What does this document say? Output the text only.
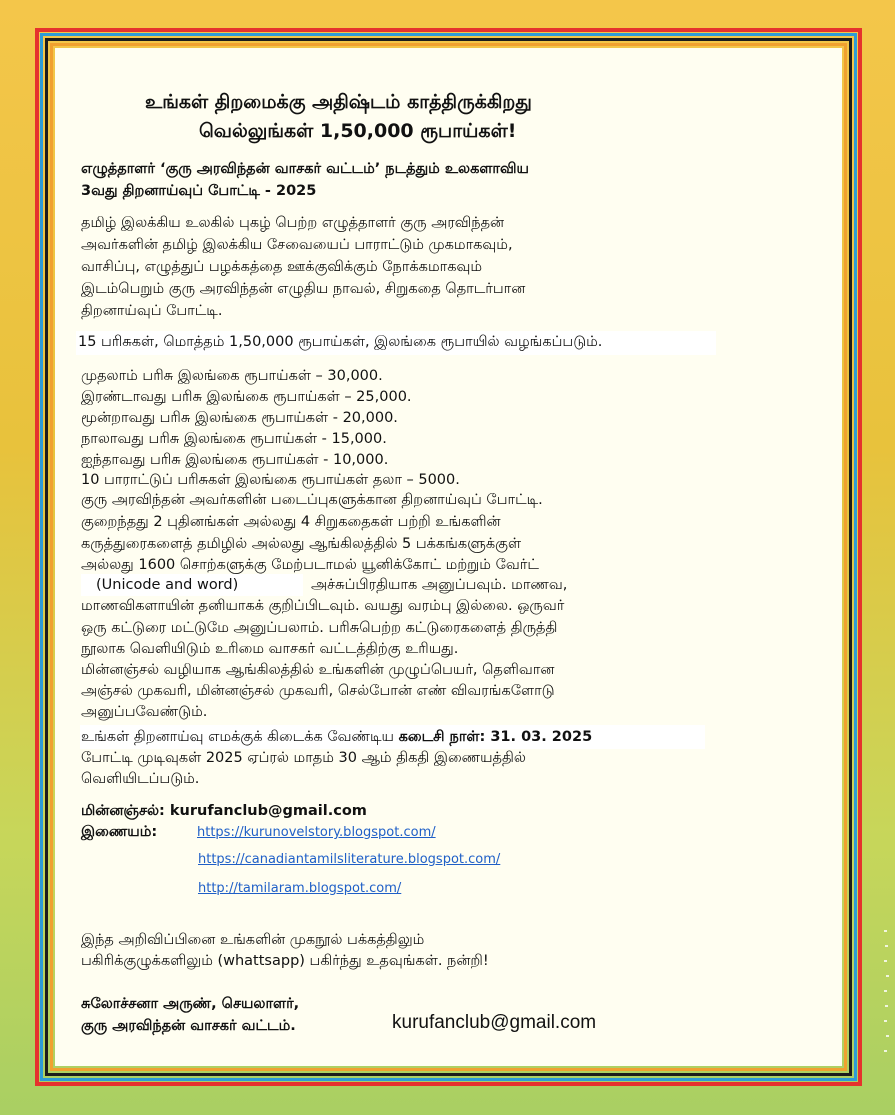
உங்கள் திறமைக்கு அதிஷ்டம் காத்திருக்கிறது
வெல்லுங்கள் 1,50,000 ரூபாய்கள்!
எழுத்தாளர் ‘குரு அரவிந்தன் வாசகர் வட்டம்’ நடத்தும் உலகளாவிய
3வது திறனாய்வுப் போட்டி - 2025
தமிழ் இலக்கிய உலகில் புகழ் பெற்ற எழுத்தாளர் குரு அரவிந்தன்
அவர்களின் தமிழ் இலக்கிய சேவையைப் பாராட்டும் முகமாகவும்,
வாசிப்பு, எழுத்துப் பழக்கத்தை ஊக்குவிக்கும் நோக்கமாகவும்
இடம்பெறும் குரு அரவிந்தன் எழுதிய நாவல், சிறுகதை தொடர்பான
திறனாய்வுப் போட்டி.
15 பரிசுகள், மொத்தம் 1,50,000 ரூபாய்கள், இலங்கை ரூபாயில் வழங்கப்படும்.
முதலாம் பரிசு இலங்கை ரூபாய்கள் – 30,000.
இரண்டாவது பரிசு இலங்கை ரூபாய்கள் – 25,000.
மூன்றாவது பரிசு இலங்கை ரூபாய்கள் - 20,000.
நாலாவது பரிசு இலங்கை ரூபாய்கள் - 15,000.
ஐந்தாவது பரிசு இலங்கை ரூபாய்கள் - 10,000.
10 பாராட்டுப் பரிசுகள் இலங்கை ரூபாய்கள் தலா – 5000.
குரு அரவிந்தன் அவர்களின் படைப்புகளுக்கான திறனாய்வுப் போட்டி.
குறைந்தது 2 புதினங்கள் அல்லது 4 சிறுகதைகள் பற்றி உங்களின்
கருத்துரைகளைத் தமிழில் அல்லது ஆங்கிலத்தில் 5 பக்கங்களுக்குள்
அல்லது 1600 சொற்களுக்கு மேற்படாமல் யூனிக்கோட் மற்றும் வேர்ட்
(Unicode and word)	அச்சுப்பிரதியாக அனுப்பவும். மாணவ,
மாணவிகளாயின் தனியாகக் குறிப்பிடவும். வயது வரம்பு இல்லை. ஒருவர்
ஒரு கட்டுரை மட்டுமே அனுப்பலாம். பரிசுபெற்ற கட்டுரைகளைத் திருத்தி
நூலாக வெளியிடும் உரிமை வாசகர் வட்டத்திற்கு உரியது.
மின்னஞ்சல் வழியாக ஆங்கிலத்தில் உங்களின் முழுப்பெயர், தெளிவான
அஞ்சல் முகவரி, மின்னஞ்சல் முகவரி, செல்போன் எண் விவரங்களோடு
அனுப்பவேண்டும்.
உங்கள் திறனாய்வு எமக்குக் கிடைக்க வேண்டிய கடைசி நாள்: 31. 03. 2025
போட்டி முடிவுகள் 2025 ஏப்ரல் மாதம் 30 ஆம் திகதி இணையத்தில்
வெளியிடப்படும்.
மின்னஞ்சல்: kurufanclub@gmail.com
இணையம்:	https://kurunovelstory.blogspot.com/
https://canadiantamilsliterature.blogspot.com/
http://tamilaram.blogspot.com/
இந்த அறிவிப்பினை உங்களின் முகநூல் பக்கத்திலும்
பகிரிக்குழுக்களிலும் (whattsapp) பகிர்ந்து உதவுங்கள். நன்றி!
சுலோச்சனா அருண், செயலாளர்,
குரு அரவிந்தன் வாசகர் வட்டம்.	kurufanclub@gmail.com
